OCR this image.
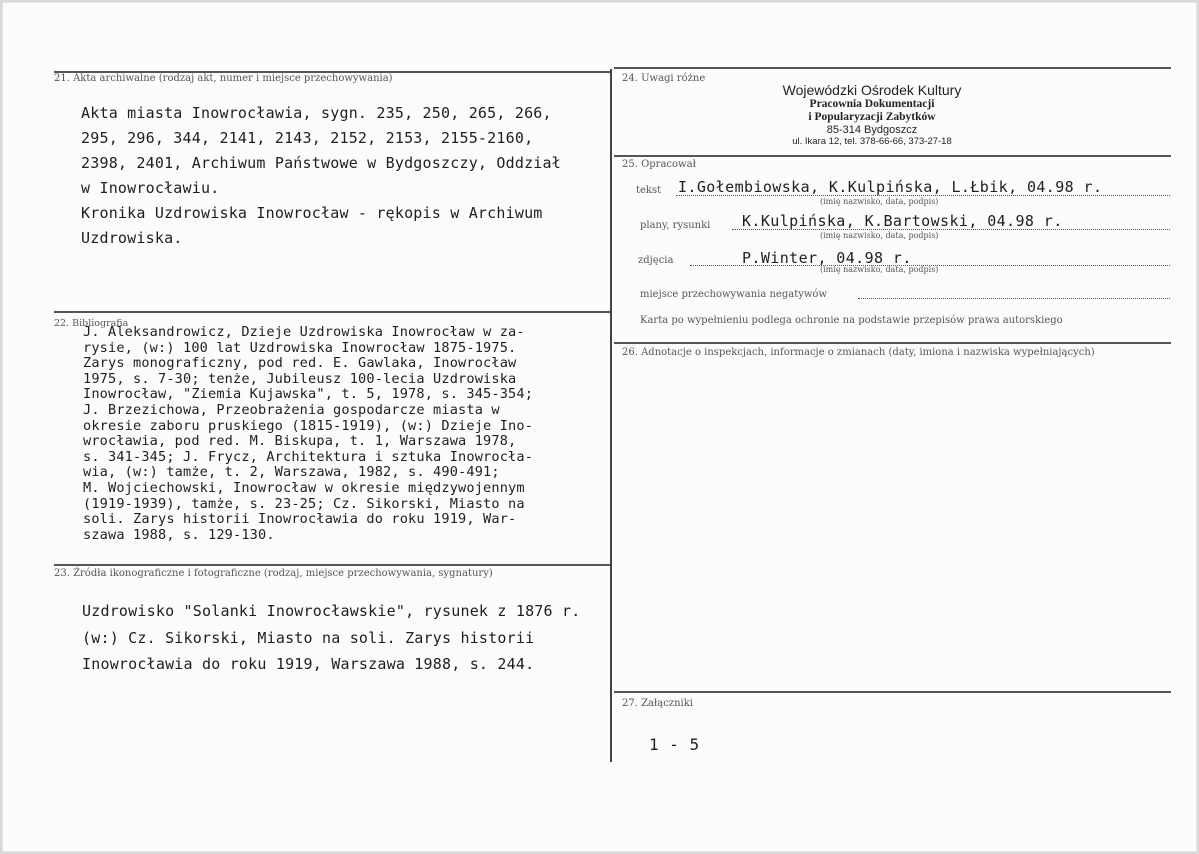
21. Akta archiwalne (rodzaj akt, numer i miejsce przechowywania)
Akta miasta Inowrocławia, sygn. 235, 250, 265, 266,
295, 296, 344, 2141, 2143, 2152, 2153, 2155-2160,
2398, 2401, Archiwum Państwowe w Bydgoszczy, Oddział
w Inowrocławiu.
Kronika Uzdrowiska Inowrocław - rękopis w Archiwum
Uzdrowiska.
22. Bibliografia
J. Aleksandrowicz, Dzieje Uzdrowiska Inowrocław w za-
rysie, (w:) 100 lat Uzdrowiska Inowrocław 1875-1975.
Zarys monograficzny, pod red. E. Gawlaka, Inowrocław
1975, s. 7-30; tenże, Jubileusz 100-lecia Uzdrowiska
Inowrocław, "Ziemia Kujawska", t. 5, 1978, s. 345-354;
J. Brzezichowa, Przeobrażenia gospodarcze miasta w
okresie zaboru pruskiego (1815-1919), (w:) Dzieje Ino-
wrocławia, pod red. M. Biskupa, t. 1, Warszawa 1978,
s. 341-345; J. Frycz, Architektura i sztuka Inowrocła-
wia, (w:) tamże, t. 2, Warszawa, 1982, s. 490-491;
M. Wojciechowski, Inowrocław w okresie międzywojennym
(1919-1939), tamże, s. 23-25; Cz. Sikorski, Miasto na
soli. Zarys historii Inowrocławia do roku 1919, War-
szawa 1988, s. 129-130.
23. Źródła ikonograficzne i fotograficzne (rodzaj, miejsce przechowywania, sygnatury)
Uzdrowisko "Solanki Inowrocławskie", rysunek z 1876 r.
(w:) Cz. Sikorski, Miasto na soli. Zarys historii
Inowrocławia do roku 1919, Warszawa 1988, s. 244.
24. Uwagi różne
Wojewódzki Ośrodek Kultury
Pracownia Dokumentacji
i Popularyzacji Zabytków
85-314 Bydgoszcz
ul. Ikara 12, tel. 378-66-66, 373-27-18
25. Opracował
tekst I.Gołembiowska, K.Kulpińska, L.Łbik, 04.98 r.
(imię nazwisko, data, podpis)
plany, rysunki K.Kulpińska, K.Bartowski, 04.98 r.
(imię nazwisko, data, podpis)
zdjęcia	P.Winter, 04.98 r.
(imię nazwisko, data, podpis)
miejsce przechowywania negatywów
Karta po wypełnieniu podlega ochronie na podstawie przepisów prawa autorskiego
26. Adnotacje o inspekcjach, informacje o zmianach (daty, imiona i nazwiska wypełniających)
27. Załączniki
1 - 5
